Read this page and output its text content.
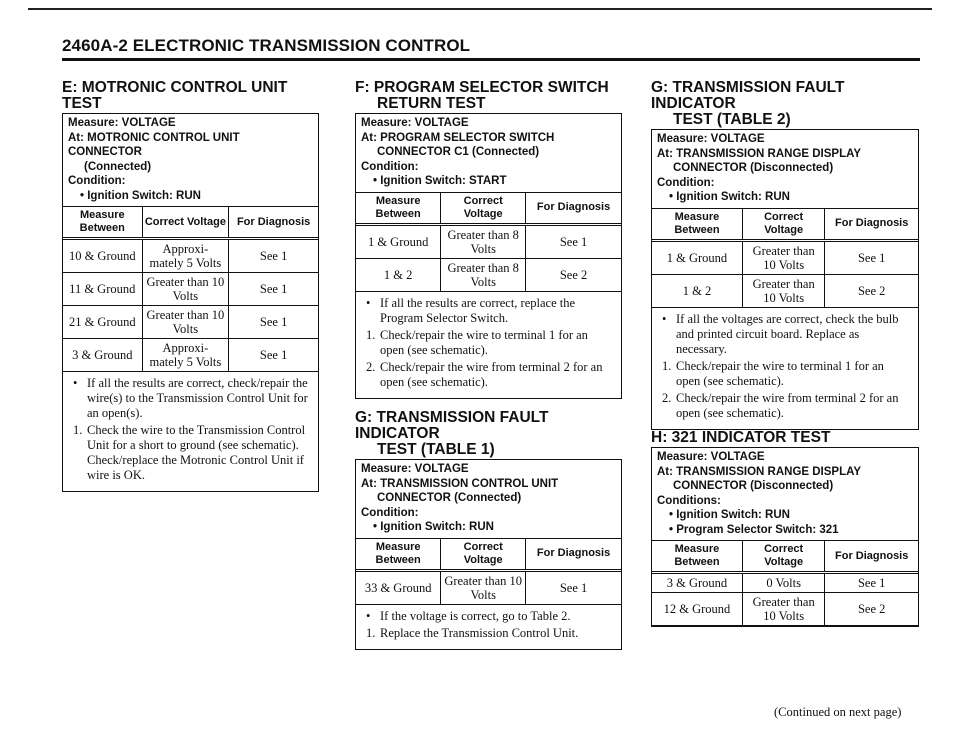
2460A-2 ELECTRONIC TRANSMISSION CONTROL
E: MOTRONIC CONTROL UNIT TEST
Measure: VOLTAGE
At: MOTRONIC CONTROL UNIT CONNECTOR
(Connected)
Condition:
• Ignition Switch: RUN
Measure Between	Correct Voltage	For Diagnosis
10 & Ground	Approxi- mately 5 Volts	See 1
11 & Ground	Greater than 10 Volts	See 1
21 & Ground	Greater than 10 Volts	See 1
3 & Ground	Approxi- mately 5 Volts	See 1
• If all the results are correct, check/repair the wire(s) to the Transmission Control Unit for an open(s).
1. Check the wire to the Transmission Control Unit for a short to ground (see schematic). Check/replace the Motronic Control Unit if wire is OK.
F: PROGRAM SELECTOR SWITCH
RETURN TEST
Measure: VOLTAGE
At: PROGRAM SELECTOR SWITCH
CONNECTOR C1 (Connected)
Condition:
• Ignition Switch: START
Measure Between	Correct Voltage	For Diagnosis
1 & Ground	Greater than 8 Volts	See 1
1 & 2	Greater than 8 Volts	See 2
• If all the results are correct, replace the Program Selector Switch.
1. Check/repair the wire to terminal 1 for an open (see schematic).
2. Check/repair the wire from terminal 2 for an open (see schematic).
G: TRANSMISSION FAULT INDICATOR
TEST (TABLE 1)
Measure: VOLTAGE
At: TRANSMISSION CONTROL UNIT
CONNECTOR (Connected)
Condition:
• Ignition Switch: RUN
Measure Between	Correct Voltage	For Diagnosis
33 & Ground	Greater than 10 Volts	See 1
• If the voltage is correct, go to Table 2.
1. Replace the Transmission Control Unit.
G: TRANSMISSION FAULT INDICATOR
TEST (TABLE 2)
Measure: VOLTAGE
At: TRANSMISSION RANGE DISPLAY
CONNECTOR (Disconnected)
Condition:
• Ignition Switch: RUN
Measure Between	Correct Voltage	For Diagnosis
1 & Ground	Greater than 10 Volts	See 1
1 & 2	Greater than 10 Volts	See 2
• If all the voltages are correct, check the bulb and printed circuit board. Replace as necessary.
1. Check/repair the wire to terminal 1 for an open (see schematic).
2. Check/repair the wire from terminal 2 for an open (see schematic).
H: 321 INDICATOR TEST
Measure: VOLTAGE
At: TRANSMISSION RANGE DISPLAY
CONNECTOR (Disconnected)
Conditions:
• Ignition Switch: RUN
• Program Selector Switch: 321
Measure Between	Correct Voltage	For Diagnosis
3 & Ground	0 Volts	See 1
12 & Ground	Greater than 10 Volts	See 2
(Continued on next page)
